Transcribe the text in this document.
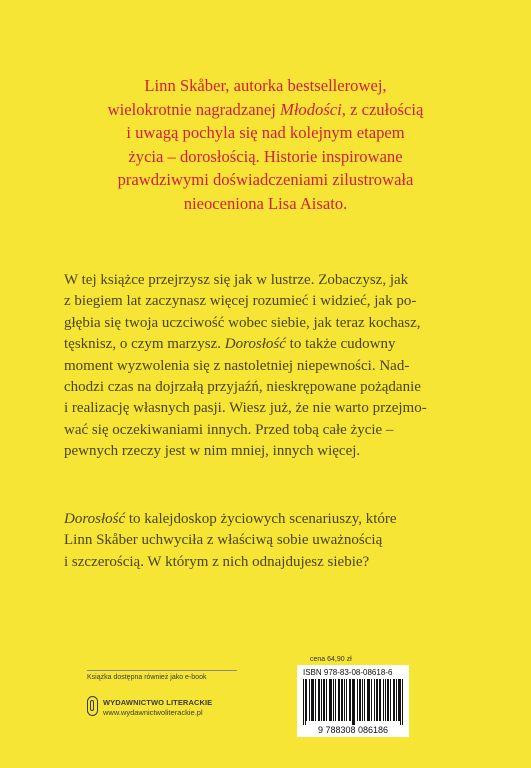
Linn Skåber, autorka bestsellerowej,

wielokrotnie nagradzanej Młodości, z czułością

i uwagą pochyla się nad kolejnym etapem

życia – dorosłością. Historie inspirowane

prawdziwymi doświadczeniami zilustrowała

nieoceniona Lisa Aisato.

W tej książce przejrzysz się jak w lustrze. Zobaczysz, jak

z biegiem lat zaczynasz więcej rozumieć i widzieć, jak po-

głębia się twoja uczciwość wobec siebie, jak teraz kochasz,

tęsknisz, o czym marzysz. Dorosłość to także cudowny

moment wyzwolenia się z nastoletniej niepewności. Nad-

chodzi czas na dojrzałą przyjaźń, nieskrępowane pożądanie

i realizację własnych pasji. Wiesz już, że nie warto przejmo-

wać się oczekiwaniami innych. Przed tobą całe życie –

pewnych rzeczy jest w nim mniej, innych więcej.

Dorosłość to kalejdoskop życiowych scenariuszy, które

Linn Skåber uchwyciła z właściwą sobie uważnością

i szczerością. W którym z nich odnajdujesz siebie?

Książka dostępna również jako e-book
WYDAWNICTWO LITERACKIE
www.wydawnictwoliterackie.pl
cena 64,90 zł
ISBN 978-83-08-08618-6
9 788308 086186
